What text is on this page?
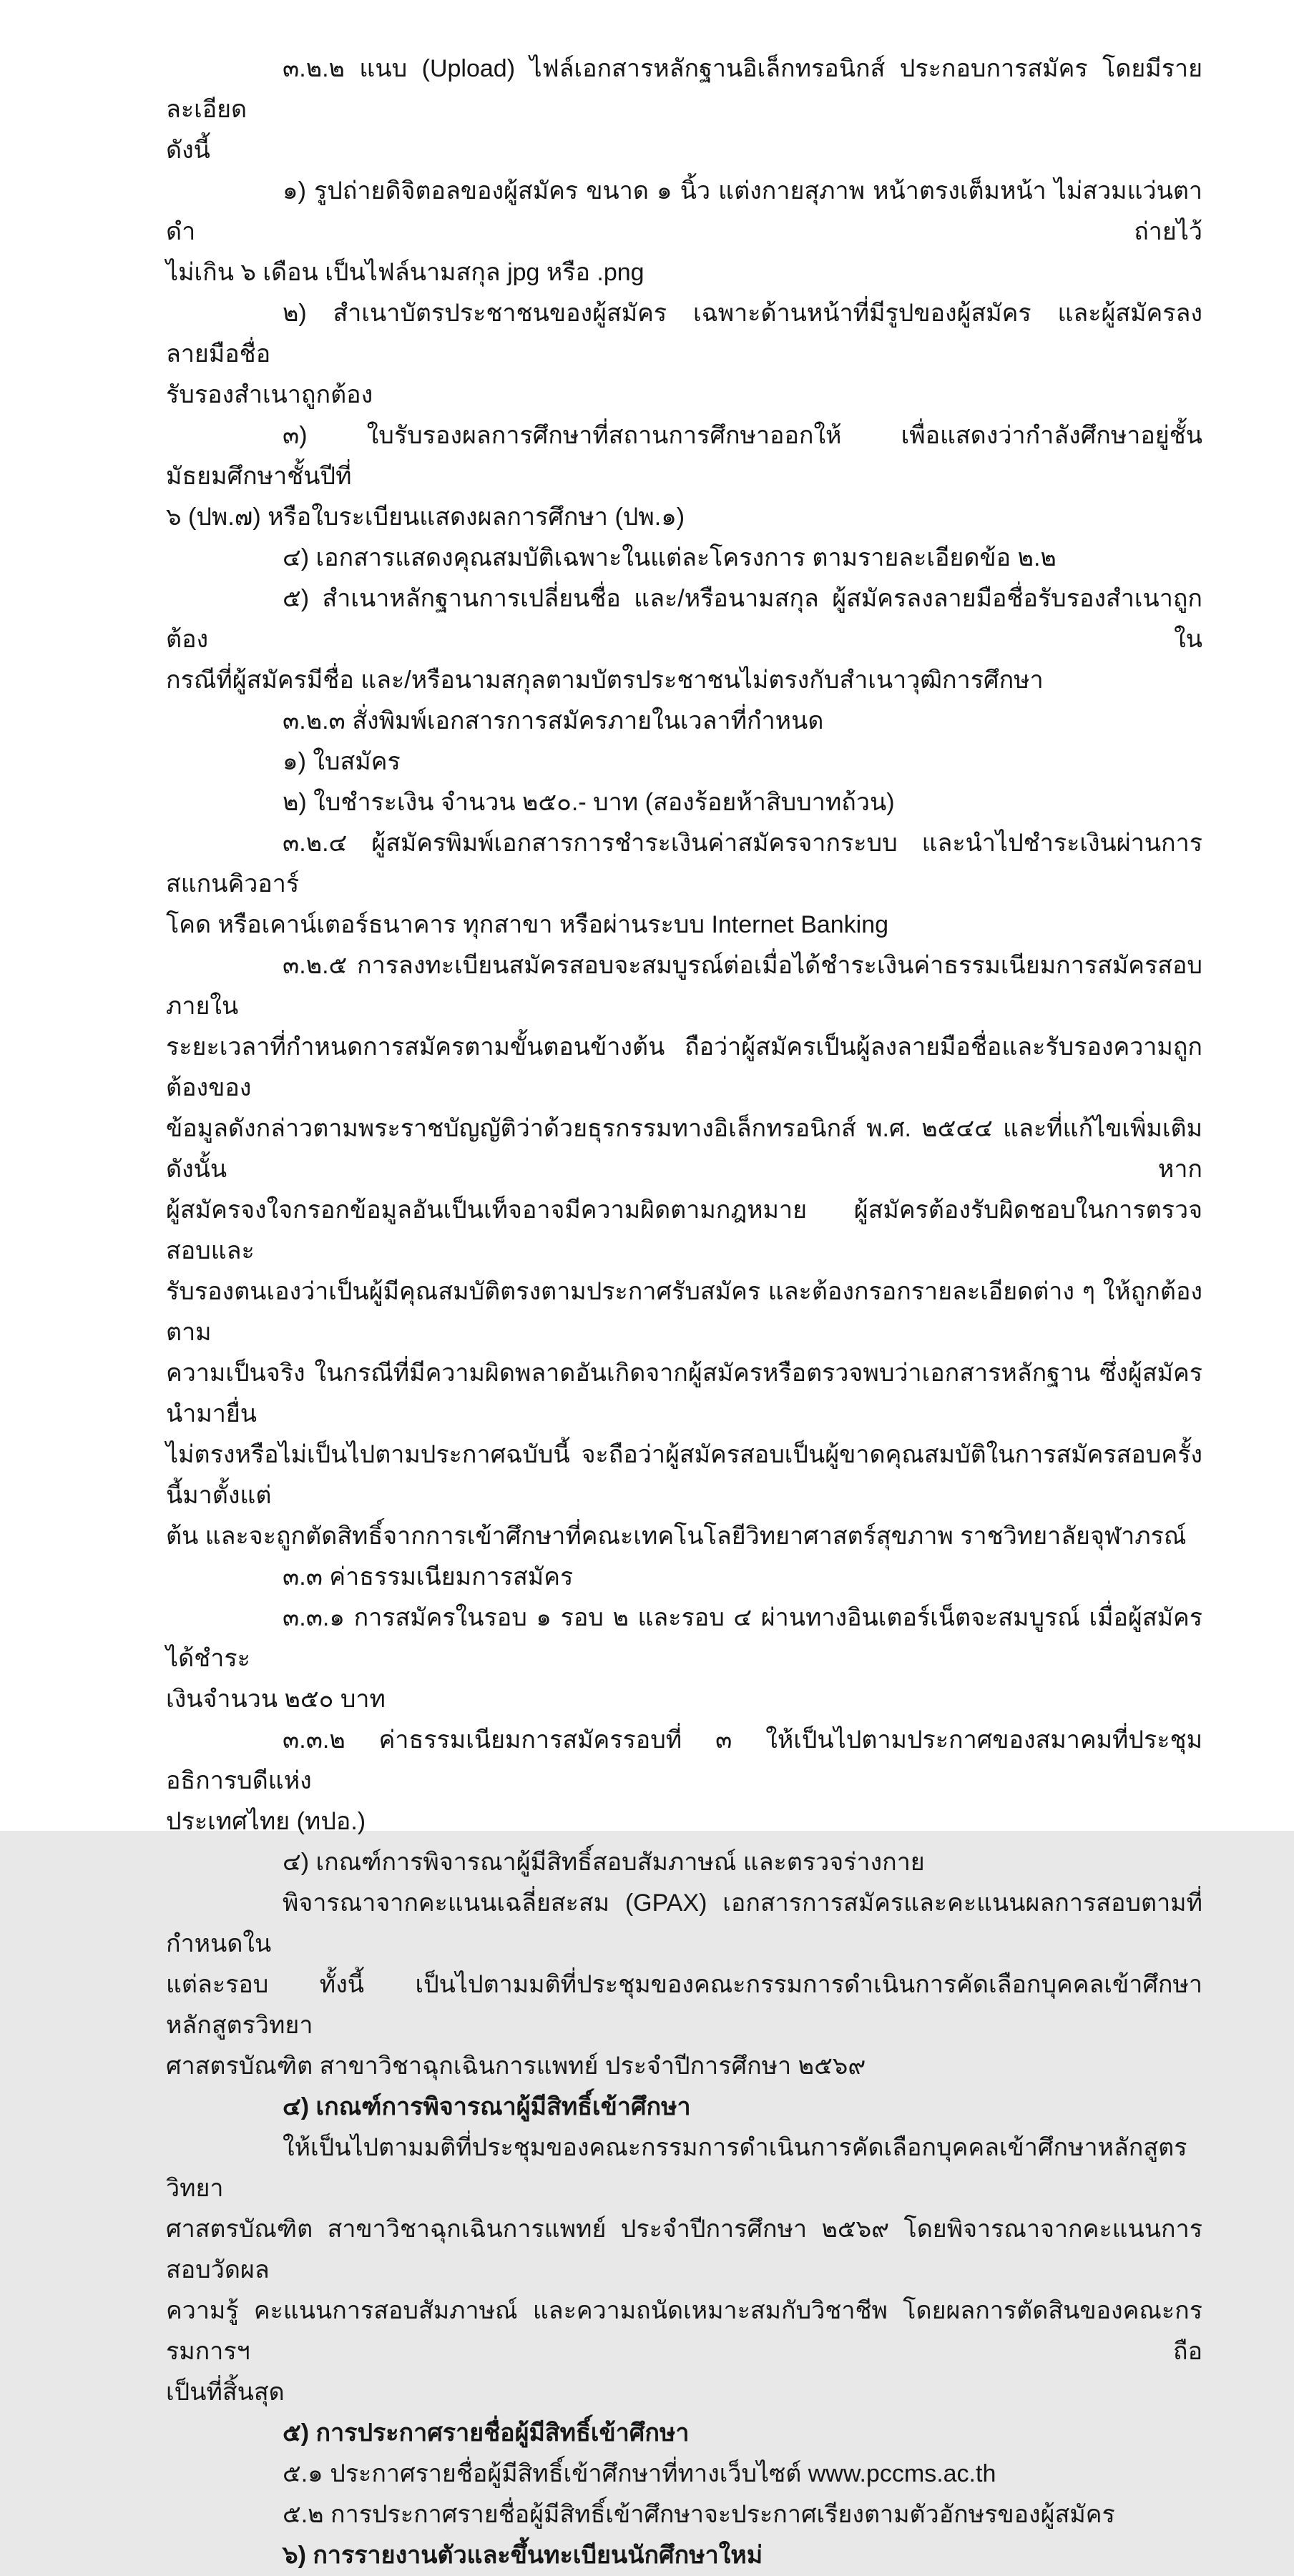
๓.๒.๒ แนบ (Upload) ไฟล์เอกสารหลักฐานอิเล็กทรอนิกส์ ประกอบการสมัคร โดยมีรายละเอียด
ดังนี้
๑) รูปถ่ายดิจิตอลของผู้สมัคร ขนาด ๑ นิ้ว แต่งกายสุภาพ หน้าตรงเต็มหน้า ไม่สวมแว่นตาดำ ถ่ายไว้
ไม่เกิน ๖ เดือน เป็นไฟล์นามสกุล jpg หรือ .png
๒) สำเนาบัตรประชาชนของผู้สมัคร เฉพาะด้านหน้าที่มีรูปของผู้สมัคร และผู้สมัครลงลายมือชื่อ
รับรองสำเนาถูกต้อง
๓) ใบรับรองผลการศึกษาที่สถานการศึกษาออกให้ เพื่อแสดงว่ากำลังศึกษาอยู่ชั้นมัธยมศึกษาชั้นปีที่
๖ (ปพ.๗) หรือใบระเบียนแสดงผลการศึกษา (ปพ.๑)
๔) เอกสารแสดงคุณสมบัติเฉพาะในแต่ละโครงการ ตามรายละเอียดข้อ ๒.๒
๕) สำเนาหลักฐานการเปลี่ยนชื่อ และ/หรือนามสกุล ผู้สมัครลงลายมือชื่อรับรองสำเนาถูกต้อง ใน
กรณีที่ผู้สมัครมีชื่อ และ/หรือนามสกุลตามบัตรประชาชนไม่ตรงกับสำเนาวุฒิการศึกษา
๓.๒.๓ สั่งพิมพ์เอกสารการสมัครภายในเวลาที่กำหนด
๑) ใบสมัคร
๒) ใบชำระเงิน จำนวน ๒๕๐.- บาท (สองร้อยห้าสิบบาทถ้วน)
๓.๒.๔ ผู้สมัครพิมพ์เอกสารการชำระเงินค่าสมัครจากระบบ และนำไปชำระเงินผ่านการสแกนคิวอาร์
โคด หรือเคาน์เตอร์ธนาคาร ทุกสาขา หรือผ่านระบบ Internet Banking
๓.๒.๕ การลงทะเบียนสมัครสอบจะสมบูรณ์ต่อเมื่อได้ชำระเงินค่าธรรมเนียมการสมัครสอบภายใน
ระยะเวลาที่กำหนดการสมัครตามขั้นตอนข้างต้น ถือว่าผู้สมัครเป็นผู้ลงลายมือชื่อและรับรองความถูกต้องของ
ข้อมูลดังกล่าวตามพระราชบัญญัติว่าด้วยธุรกรรมทางอิเล็กทรอนิกส์ พ.ศ. ๒๕๔๔ และที่แก้ไขเพิ่มเติม ดังนั้น หาก
ผู้สมัครจงใจกรอกข้อมูลอันเป็นเท็จอาจมีความผิดตามกฎหมาย ผู้สมัครต้องรับผิดชอบในการตรวจสอบและ
รับรองตนเองว่าเป็นผู้มีคุณสมบัติตรงตามประกาศรับสมัคร และต้องกรอกรายละเอียดต่าง ๆ ให้ถูกต้องตาม
ความเป็นจริง ในกรณีที่มีความผิดพลาดอันเกิดจากผู้สมัครหรือตรวจพบว่าเอกสารหลักฐาน ซึ่งผู้สมัครนำมายื่น
ไม่ตรงหรือไม่เป็นไปตามประกาศฉบับนี้ จะถือว่าผู้สมัครสอบเป็นผู้ขาดคุณสมบัติในการสมัครสอบครั้งนี้มาตั้งแต่
ต้น และจะถูกตัดสิทธิ์จากการเข้าศึกษาที่คณะเทคโนโลยีวิทยาศาสตร์สุขภาพ ราชวิทยาลัยจุฬาภรณ์
๓.๓ ค่าธรรมเนียมการสมัคร
๓.๓.๑ การสมัครในรอบ ๑ รอบ ๒ และรอบ ๔ ผ่านทางอินเตอร์เน็ตจะสมบูรณ์ เมื่อผู้สมัครได้ชำระ
เงินจำนวน ๒๕๐ บาท
๓.๓.๒ ค่าธรรมเนียมการสมัครรอบที่ ๓ ให้เป็นไปตามประกาศของสมาคมที่ประชุมอธิการบดีแห่ง
ประเทศไทย (ทปอ.)
๔) เกณฑ์การพิจารณาผู้มีสิทธิ์สอบสัมภาษณ์ และตรวจร่างกาย
พิจารณาจากคะแนนเฉลี่ยสะสม (GPAX) เอกสารการสมัครและคะแนนผลการสอบตามที่กำหนดใน
แต่ละรอบ ทั้งนี้ เป็นไปตามมติที่ประชุมของคณะกรรมการดำเนินการคัดเลือกบุคคลเข้าศึกษา หลักสูตรวิทยา
ศาสตรบัณฑิต สาขาวิชาฉุกเฉินการแพทย์ ประจำปีการศึกษา ๒๕๖๙
๔) เกณฑ์การพิจารณาผู้มีสิทธิ์เข้าศึกษา
ให้เป็นไปตามมติที่ประชุมของคณะกรรมการดำเนินการคัดเลือกบุคคลเข้าศึกษาหลักสูตรวิทยา
ศาสตรบัณฑิต สาขาวิชาฉุกเฉินการแพทย์ ประจำปีการศึกษา ๒๕๖๙ โดยพิจารณาจากคะแนนการสอบวัดผล
ความรู้ คะแนนการสอบสัมภาษณ์ และความถนัดเหมาะสมกับวิชาชีพ โดยผลการตัดสินของคณะกรรมการฯ ถือ
เป็นที่สิ้นสุด
๕) การประกาศรายชื่อผู้มีสิทธิ์เข้าศึกษา
๕.๑ ประกาศรายชื่อผู้มีสิทธิ์เข้าศึกษาที่ทางเว็บไซต์ www.pccms.ac.th
๕.๒ การประกาศรายชื่อผู้มีสิทธิ์เข้าศึกษาจะประกาศเรียงตามตัวอักษรของผู้สมัคร
๖) การรายงานตัวและขึ้นทะเบียนนักศึกษาใหม่
